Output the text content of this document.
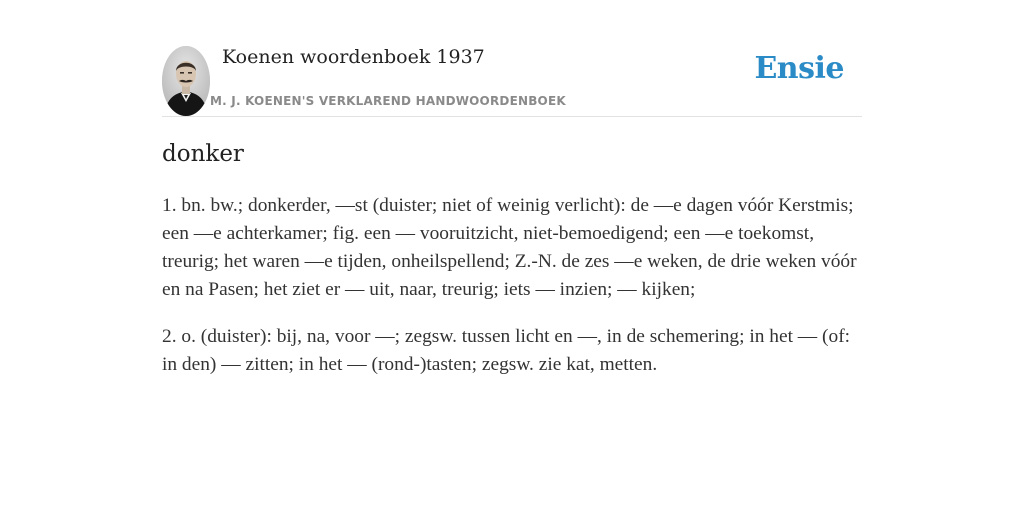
Koenen woordenboek 1937
M. J. KOENEN'S VERKLAREND HANDWOORDENBOEK
Ensie
donker

1. bn. bw.; donkerder, —st (duister; niet of weinig verlicht): de —e dagen vóór Kerstmis; een —e achterkamer; fig. een — vooruitzicht, niet-bemoedigend; een —e toekomst, treurig; het waren —e tijden, onheilspellend; Z.-N. de zes —e weken, de drie weken vóór en na Pasen; het ziet er — uit, naar, treurig; iets — inzien; — kijken;

2. o. (duister): bij, na, voor —; zegsw. tussen licht en —, in de schemering; in het — (of: in den) — zitten; in het — (rond-)tasten; zegsw. zie kat, metten.
